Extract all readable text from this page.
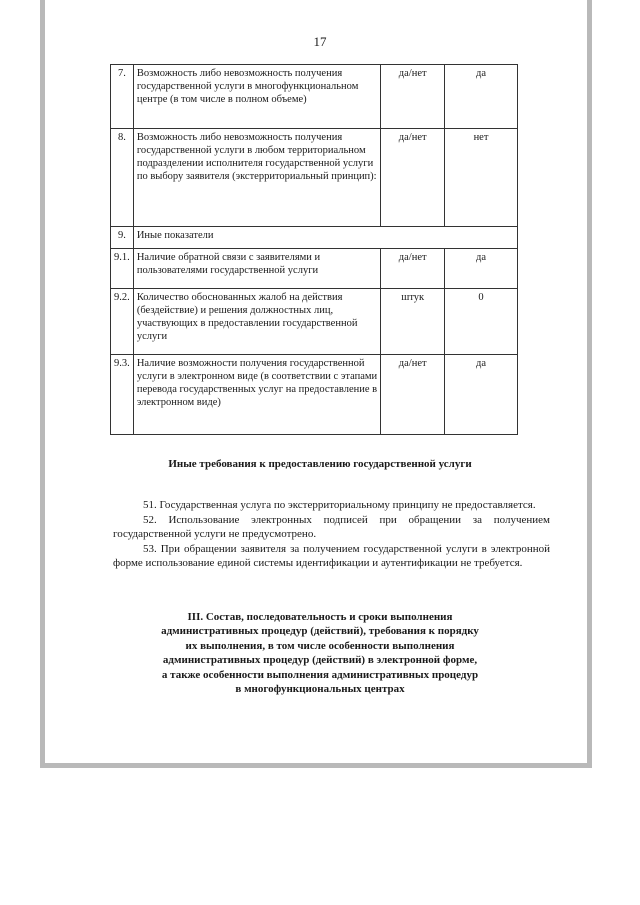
17
7.	Возможность либо невозможность получения государственной услуги в многофункциональном центре (в том числе в полном объеме)	да/нет	да
8.	Возможность либо невозможность получения государственной услуги в любом территориальном подразделении исполнителя государственной услуги по выбору заявителя (экстерриториальный принцип):	да/нет	нет
9.	Иные показатели		
9.1.	Наличие обратной связи с заявителями и пользователями государственной услуги	да/нет	да
9.2.	Количество обоснованных жалоб на действия (бездействие) и решения должностных лиц, участвующих в предоставлении государственной услуги	штук	0
9.3.	Наличие возможности получения государственной услуги в электронном виде (в соответствии с этапами перевода государственных услуг на предоставление в электронном виде)	да/нет	да
Иные требования к предоставлению государственной услуги

51. Государственная услуга по экстерриториальному принципу не предоставляется.

52. Использование электронных подписей при обращении за получением государственной услуги не предусмотрено.

53. При обращении заявителя за получением государственной услуги в электронной форме использование единой системы идентификации и аутентификации не требуется.

III. Состав, последовательность и сроки выполнения
административных процедур (действий), требования к порядку
их выполнения, в том числе особенности выполнения
административных процедур (действий) в электронной форме,
а также особенности выполнения административных процедур
в многофункциональных центрах
